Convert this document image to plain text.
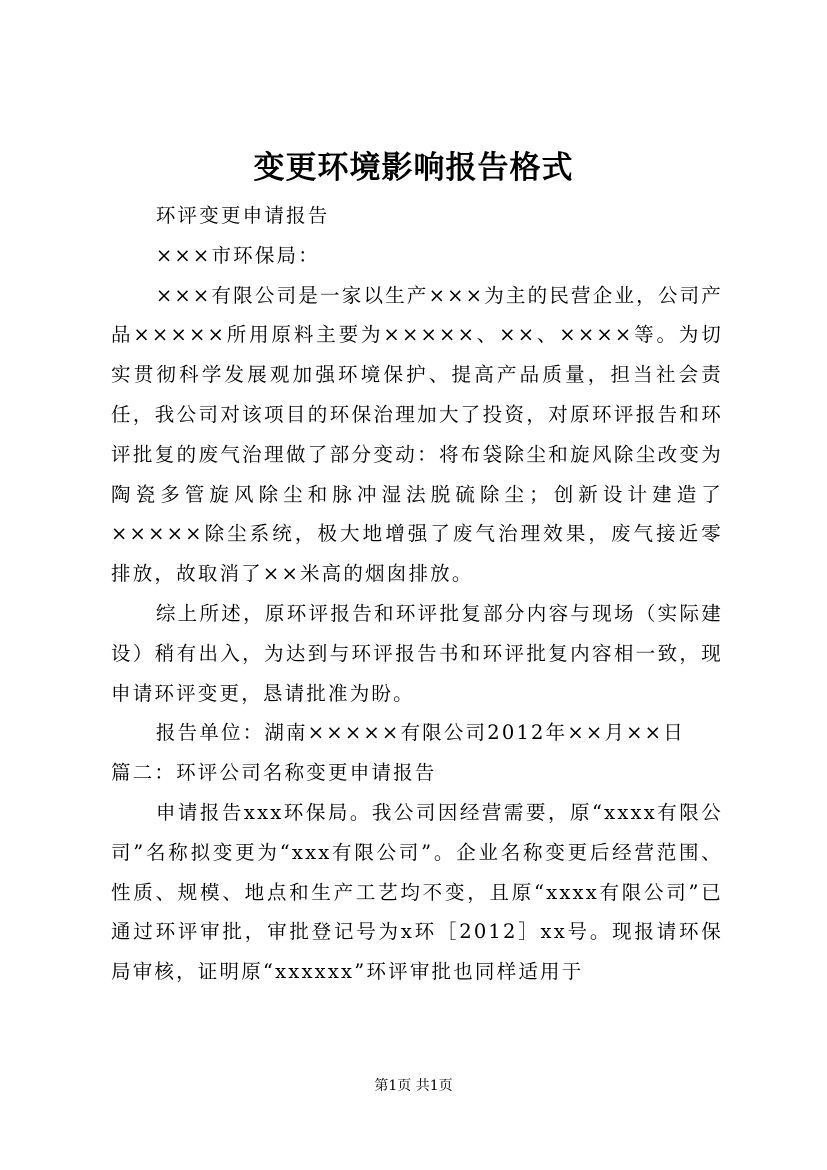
变更环境影响报告格式

环评变更申请报告

×××市环保局：

×××有限公司是一家以生产×××为主的民营企业，公司产品×××××所用原料主要为×××××、××、××××等。为切实贯彻科学发展观加强环境保护、提高产品质量，担当社会责任，我公司对该项目的环保治理加大了投资，对原环评报告和环评批复的废气治理做了部分变动：将布袋除尘和旋风除尘改变为陶瓷多管旋风除尘和脉冲湿法脱硫除尘；创新设计建造了×××××除尘系统，极大地增强了废气治理效果，废气接近零排放，故取消了××米高的烟囱排放。

综上所述，原环评报告和环评批复部分内容与现场（实际建设）稍有出入，为达到与环评报告书和环评批复内容相一致，现申请环评变更，恳请批准为盼。

报告单位：湖南×××××有限公司2012年××月××日

篇二：环评公司名称变更申请报告

申请报告xxx环保局。我公司因经营需要，原“xxxx有限公司”名称拟变更为“xxx有限公司”。企业名称变更后经营范围、性质、规模、地点和生产工艺均不变，且原“xxxx有限公司”已通过环评审批，审批登记号为x环［2012］xx号。现报请环保局审核，证明原“xxxxxx”环评审批也同样适用于

第1页 共1页
